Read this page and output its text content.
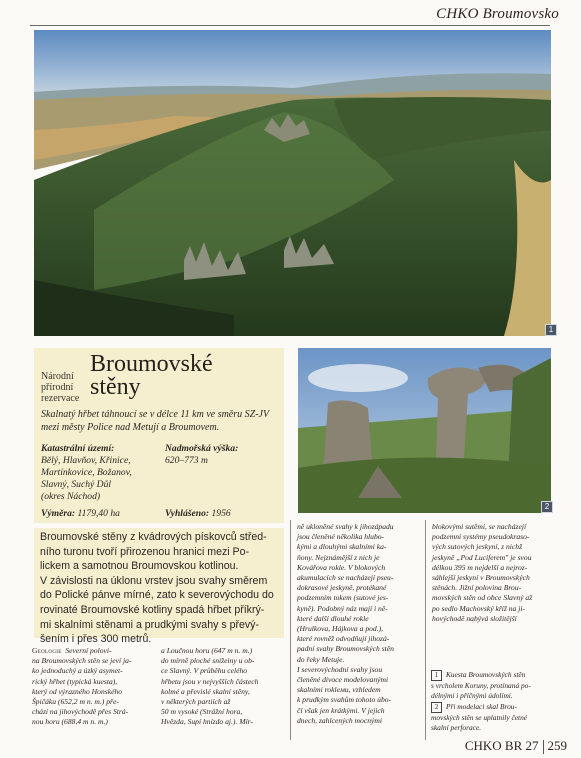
CHKO Broumovsko
1
2
Národní
přírodní
rezervace
Broumovské
stěny
Skalnatý hřbet táhnoucí se v délce 11 km ve směru SZ-JV mezi městy Police nad Metují a Broumovem.
Katastrální území:
Bělý, Hlavňov, Křinice,
Martínkovice, Božanov,
Slavný, Suchý Důl
(okres Náchod)
Nadmořská výška:
620–773 m
Výměra: 1179,40 ha	Vyhlášeno: 1956

Broumovské stěny z kvádrových pískovců střed-
ního turonu tvoří přirozenou hranici mezi Po-
lickem a samotnou Broumovskou kotlinou.
V závislosti na úklonu vrstev jsou svahy směrem
do Polické pánve mírné, zato k severovýchodu do
rovinaté Broumovské kotliny spadá hřbet příkrý-
mi skalními stěnami a prudkými svahy s převý-
šením i přes 300 metrů.

Geologie Severní polovi-
na Broumovských stěn se jeví ja-
ko jednoduchý a úzký asymet-
rický hřbet (typická kuesta),
který od výrazného Honského
Špičáku (652,2 m n. m.) pře-
chází na jihovýchodě přes Strá-
nou horu (688,4 m n. m.)
a Loučnou horu (647 m n. m.)
do mírně ploché snížeiny u ob-
ce Slavný. V průběhu celého
hřbetu jsou v nejvyšších částech
kolmé a převislé skalní stěny,
v některých partiích až
50 m vysoké (Strážní hora,
Hvězda, Supí hnízdo aj.). Mír-
ně ukloněné svahy k jihozápadu
jsou členěné několika hlubo-
kými a dlouhými skalními ka-
ňony. Nejznámější z nich je
Kovářova rokle. V blokových
akumulacích se nacházejí pseu-
dokrasové jeskyně, protékané
podzemním tokem (sutové jes-
kyně). Podobný náz mají i ně-
které další dlouhé rokle
(Hrulkova, Hájkova a pod.),
které rovněž odvodňují jihozá-
padní svahy Broumovských stěn
do řeky Metuje.
I severovýchodní svahy jsou
členěné divoce modelovanými
skalními rokleми, vzhledem
k prudkým svahům tohoto úbo-
čí však jen krátkými. V jejich
dnech, zahlcených mocnými
blokovými sutěmi, se nacházejí
podzemní systémy pseudokraso-
vých sutových jeskyní, z nichž
jeskyně „Pod Luciferem" je svou
délkou 395 m nejdelší a nejroz-
sáhlejší jeskyní v Broumovských
stěnách. Jižní polovina Brou-
movských stěn od obce Slavný až
po sedlo Machovský kříž na ji-
hovýchodě nabývá složitější
1 Kuesta Broumovských stěn
s vrcholem Koruny, protínaná po-
délnými i příčnými údolími.
2 Při modelaci skal Brou-
movských stěn se uplatnily četné
skalní perforace.
CHKO BR 27 259
